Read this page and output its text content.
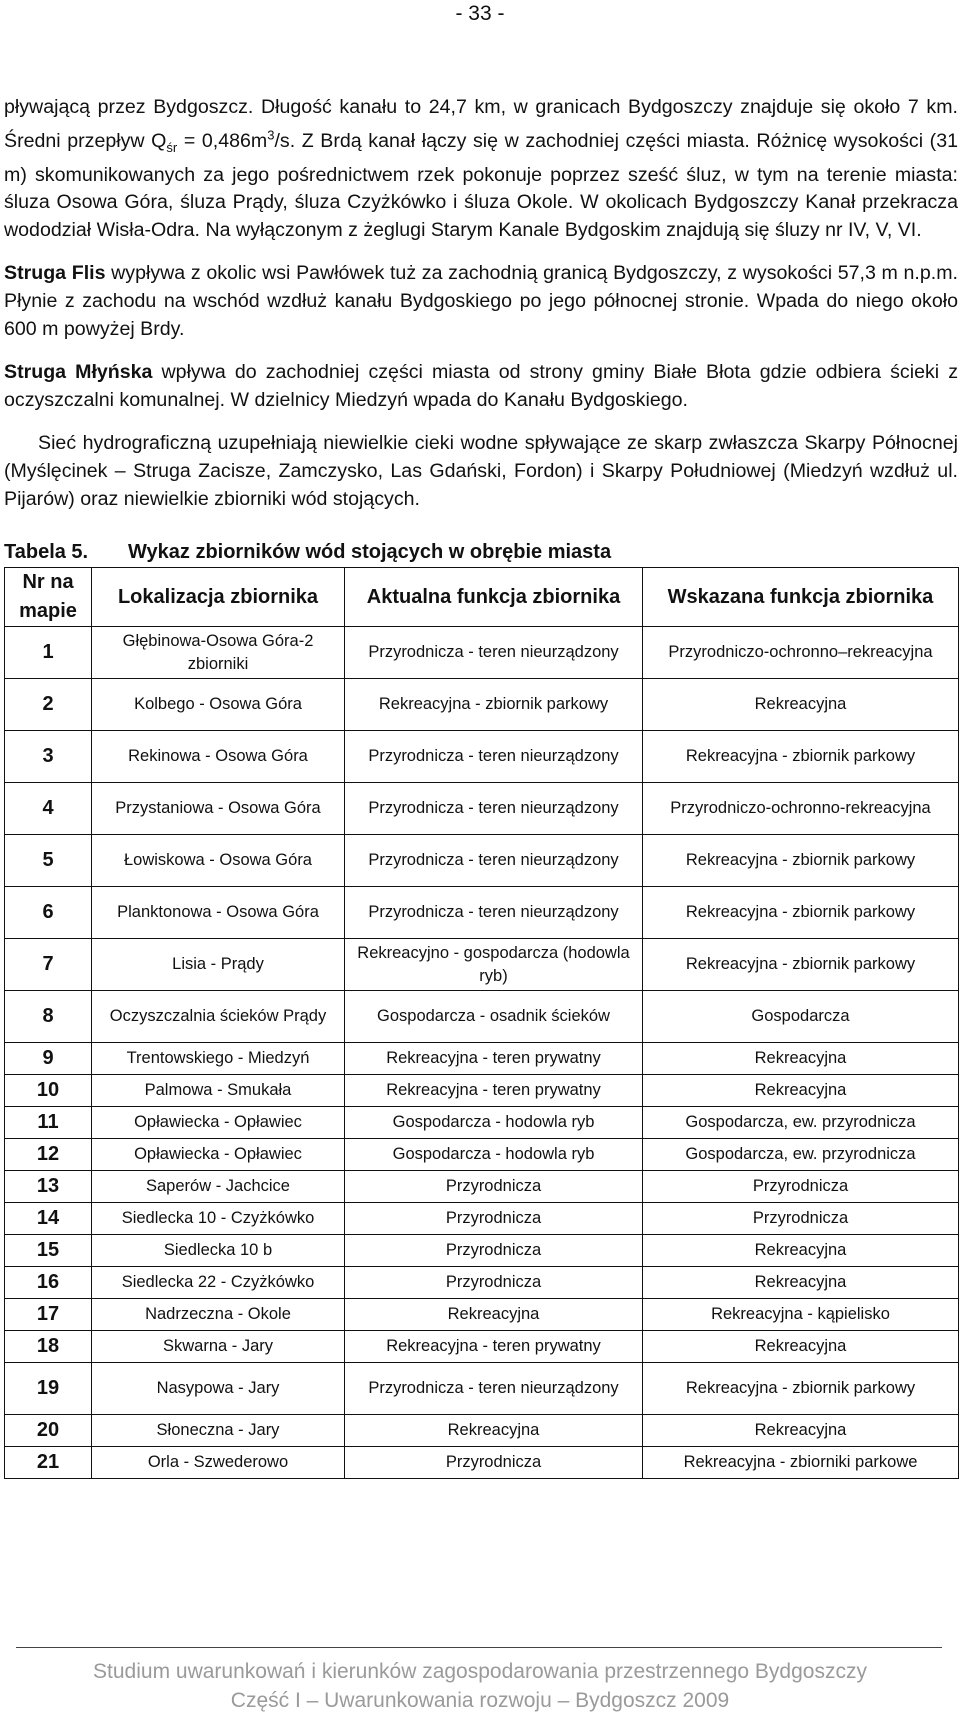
- 33 -

pływającą przez Bydgoszcz. Długość kanału to 24,7 km, w granicach Bydgoszczy znajduje się około 7 km. Średni przepływ $Q_{śr} = 0,486m^3/s$. Z Brdą kanał łączy się w zachodniej części miasta. Różnicę wysokości (31 m) skomunikowanych za jego pośrednictwem rzek pokonuje poprzez sześć śluz, w tym na terenie miasta: śluza Osowa Góra, śluza Prądy, śluza Czyżkówko i śluza Okole. W okolicach Bydgoszczy Kanał przekracza wododział Wisła-Odra. Na wyłączonym z żeglugi Starym Kanale Bydgoskim znajdują się śluzy nr IV, V, VI.

Struga Flis wypływa z okolic wsi Pawłówek tuż za zachodnią granicą Bydgoszczy, z wysokości 57,3 m n.p.m. Płynie z zachodu na wschód wzdłuż kanału Bydgoskiego po jego północnej stronie. Wpada do niego około 600 m powyżej Brdy.

Struga Młyńska wpływa do zachodniej części miasta od strony gminy Białe Błota gdzie odbiera ścieki z oczyszczalni komunalnej. W dzielnicy Miedzyń wpada do Kanału Bydgoskiego.

Sieć hydrograficzną uzupełniają niewielkie cieki wodne spływające ze skarp zwłaszcza Skarpy Północnej (Myślęcinek – Struga Zacisze, Zamczysko, Las Gdański, Fordon) i Skarpy Południowej (Miedzyń wzdłuż ul. Pijarów) oraz niewielkie zbiorniki wód stojących.

Tabela 5. Wykaz zbiorników wód stojących w obrębie miasta
Nr na mapie	Lokalizacja zbiornika	Aktualna funkcja zbiornika	Wskazana funkcja zbiornika
1	Głębinowa-Osowa Góra-2 zbiorniki	Przyrodnicza - teren nieurządzony	Przyrodniczo-ochronno–rekreacyjna
2	Kolbego - Osowa Góra	Rekreacyjna - zbiornik parkowy	Rekreacyjna
3	Rekinowa - Osowa Góra	Przyrodnicza - teren nieurządzony	Rekreacyjna - zbiornik parkowy
4	Przystaniowa - Osowa Góra	Przyrodnicza - teren nieurządzony	Przyrodniczo-ochronno-rekreacyjna
5	Łowiskowa - Osowa Góra	Przyrodnicza - teren nieurządzony	Rekreacyjna - zbiornik parkowy
6	Planktonowa - Osowa Góra	Przyrodnicza - teren nieurządzony	Rekreacyjna - zbiornik parkowy
7	Lisia - Prądy	Rekreacyjno - gospodarcza (hodowla ryb)	Rekreacyjna - zbiornik parkowy
8	Oczyszczalnia ścieków Prądy	Gospodarcza - osadnik ścieków	Gospodarcza
9	Trentowskiego - Miedzyń	Rekreacyjna - teren prywatny	Rekreacyjna
10	Palmowa - Smukała	Rekreacyjna - teren prywatny	Rekreacyjna
11	Opławiecka - Opławiec	Gospodarcza - hodowla ryb	Gospodarcza, ew. przyrodnicza
12	Opławiecka - Opławiec	Gospodarcza - hodowla ryb	Gospodarcza, ew. przyrodnicza
13	Saperów - Jachcice	Przyrodnicza	Przyrodnicza
14	Siedlecka 10 - Czyżkówko	Przyrodnicza	Przyrodnicza
15	Siedlecka 10 b	Przyrodnicza	Rekreacyjna
16	Siedlecka 22 - Czyżkówko	Przyrodnicza	Rekreacyjna
17	Nadrzeczna - Okole	Rekreacyjna	Rekreacyjna - kąpielisko
18	Skwarna - Jary	Rekreacyjna - teren prywatny	Rekreacyjna
19	Nasypowa - Jary	Przyrodnicza - teren nieurządzony	Rekreacyjna - zbiornik parkowy
20	Słoneczna - Jary	Rekreacyjna	Rekreacyjna
21	Orla - Szwederowo	Przyrodnicza	Rekreacyjna - zbiorniki parkowe
Studium uwarunkowań i kierunków zagospodarowania przestrzennego Bydgoszczy
Część I – Uwarunkowania rozwoju – Bydgoszcz 2009
